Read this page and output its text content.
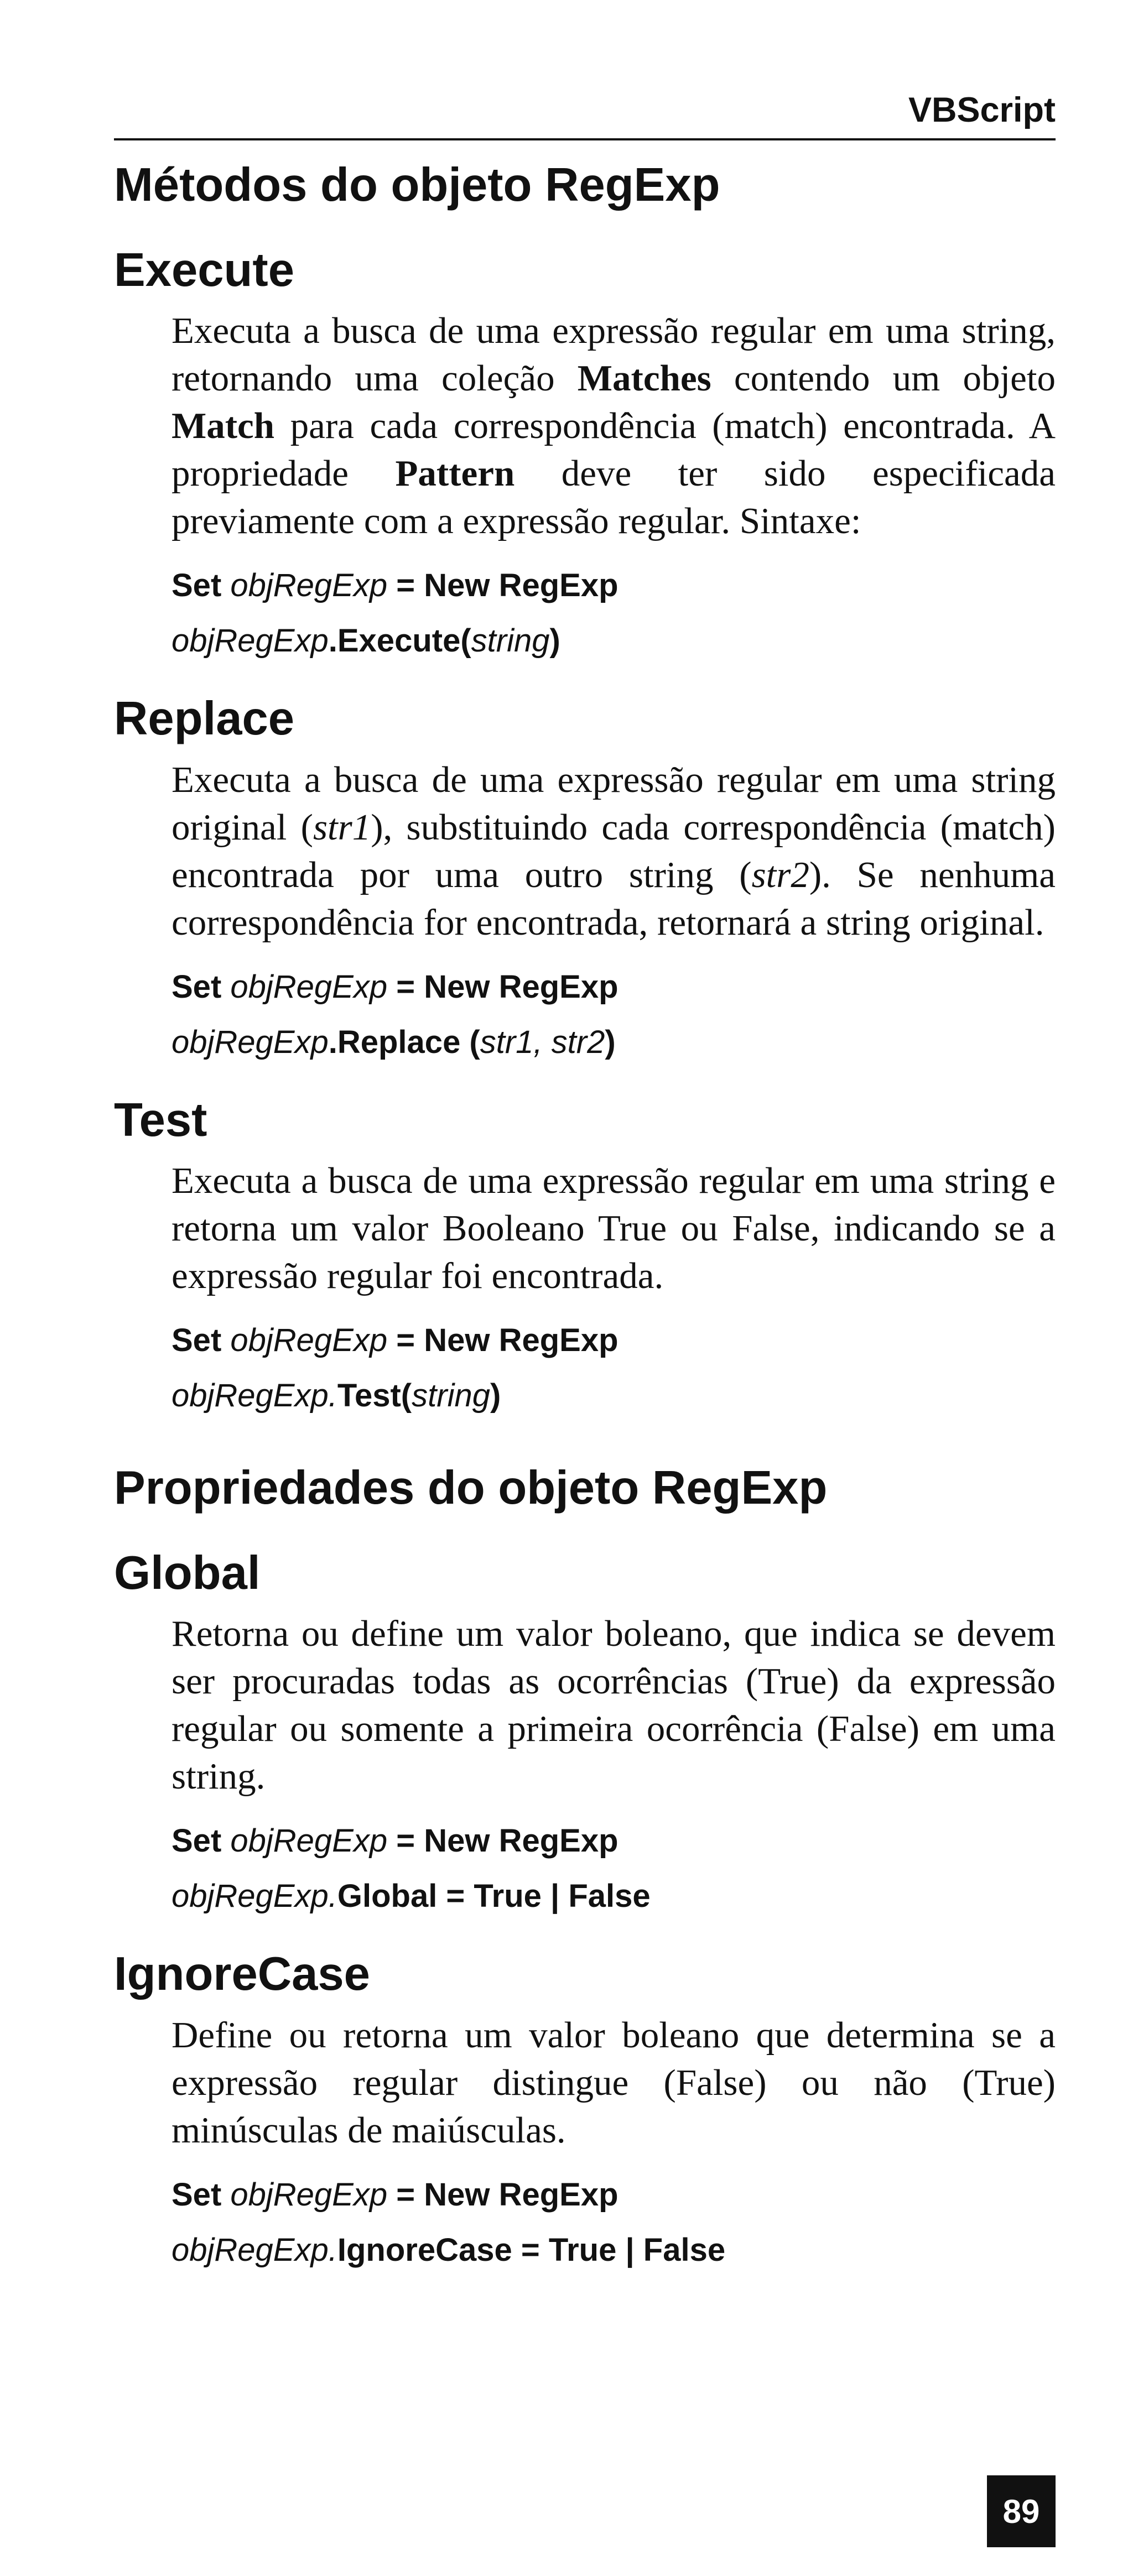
VBScript
Métodos do objeto RegExp
Execute

Executa a busca de uma expressão regular em uma string, retornando uma coleção Matches contendo um objeto Match para cada correspondência (match) encontrada. A propriedade Pattern deve ter sido especificada previamente com a expressão regular. Sintaxe:

Set objRegExp = New RegExp
objRegExp.Execute(string)
Replace

Executa a busca de uma expressão regular em uma string original (str1), substituindo cada correspondência (match) encontrada por uma outro string (str2). Se nenhuma correspondência for encontrada, retornará a string original.

Set objRegExp = New RegExp
objRegExp.Replace (str1, str2)
Test

Executa a busca de uma expressão regular em uma string e retorna um valor Booleano True ou False, indicando se a expressão regular foi encontrada.

Set objRegExp = New RegExp
objRegExp.Test(string)
Propriedades do objeto RegExp
Global

Retorna ou define um valor boleano, que indica se devem ser procuradas todas as ocorrências (True) da expressão regular ou somente a primeira ocorrência (False) em uma string.

Set objRegExp = New RegExp
objRegExp.Global = True | False
IgnoreCase

Define ou retorna um valor boleano que determina se a expressão regular distingue (False) ou não (True) minúsculas de maiúsculas.

Set objRegExp = New RegExp
objRegExp.IgnoreCase = True | False
89
